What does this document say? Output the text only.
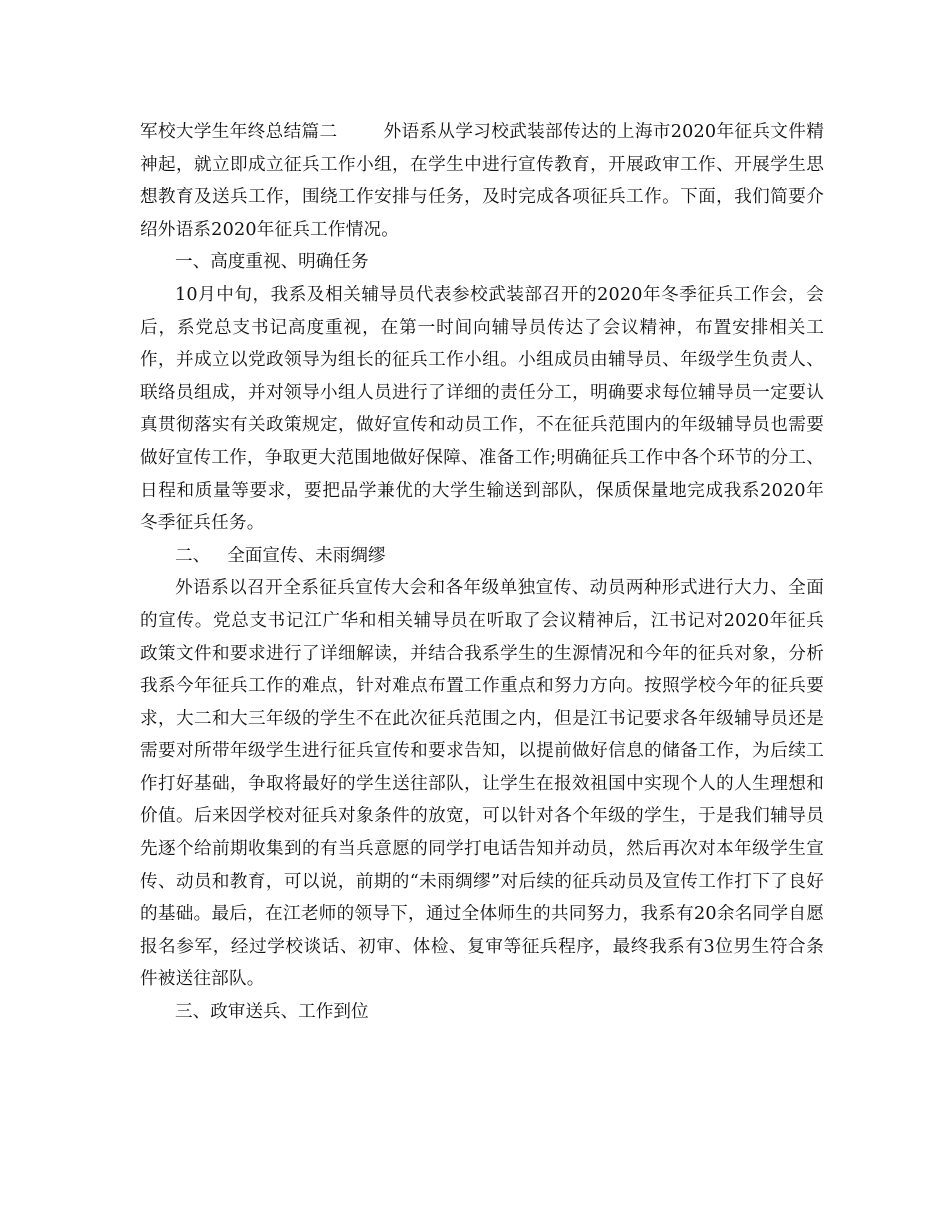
军校大学生年终总结篇二	外语系从学习校武装部传达的上海市2020年征兵文件精神起，就立即成立征兵工作小组，在学生中进行宣传教育，开展政审工作、开展学生思想教育及送兵工作，围绕工作安排与任务，及时完成各项征兵工作。下面，我们简要介绍外语系2020年征兵工作情况。

一、高度重视、明确任务

10月中旬，我系及相关辅导员代表参校武装部召开的2020年冬季征兵工作会，会后，系党总支书记高度重视，在第一时间向辅导员传达了会议精神，布置安排相关工作，并成立以党政领导为组长的征兵工作小组。小组成员由辅导员、年级学生负责人、联络员组成，并对领导小组人员进行了详细的责任分工，明确要求每位辅导员一定要认真贯彻落实有关政策规定，做好宣传和动员工作，不在征兵范围内的年级辅导员也需要做好宣传工作，争取更大范围地做好保障、准备工作;明确征兵工作中各个环节的分工、日程和质量等要求，要把品学兼优的大学生输送到部队，保质保量地完成我系2020年冬季征兵任务。

二、 全面宣传、未雨绸缪

外语系以召开全系征兵宣传大会和各年级单独宣传、动员两种形式进行大力、全面的宣传。党总支书记江广华和相关辅导员在听取了会议精神后，江书记对2020年征兵政策文件和要求进行了详细解读，并结合我系学生的生源情况和今年的征兵对象，分析我系今年征兵工作的难点，针对难点布置工作重点和努力方向。按照学校今年的征兵要求，大二和大三年级的学生不在此次征兵范围之内，但是江书记要求各年级辅导员还是需要对所带年级学生进行征兵宣传和要求告知，以提前做好信息的储备工作，为后续工作打好基础，争取将最好的学生送往部队，让学生在报效祖国中实现个人的人生理想和价值。后来因学校对征兵对象条件的放宽，可以针对各个年级的学生，于是我们辅导员先逐个给前期收集到的有当兵意愿的同学打电话告知并动员，然后再次对本年级学生宣传、动员和教育，可以说，前期的“未雨绸缪”对后续的征兵动员及宣传工作打下了良好的基础。最后，在江老师的领导下，通过全体师生的共同努力，我系有20余名同学自愿报名参军，经过学校谈话、初审、体检、复审等征兵程序，最终我系有3位男生符合条件被送往部队。

三、政审送兵、工作到位
